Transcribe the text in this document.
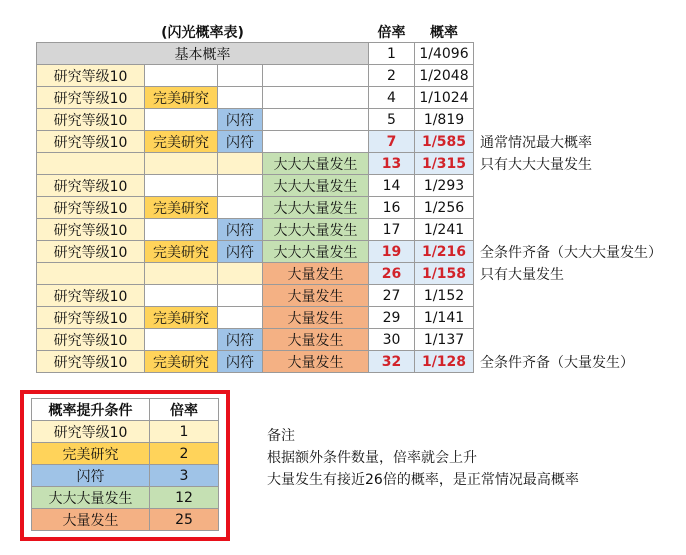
(闪光概率表)				倍率	概率	
基本概率				1	1/4096	
研究等级10				2	1/2048	
研究等级10	完美研究			4	1/1024	
研究等级10		闪符		5	1/819	
研究等级10	完美研究	闪符		7	1/585	通常情况最大概率
			大大大量发生	13	1/315	只有大大大量发生
研究等级10			大大大量发生	14	1/293	
研究等级10	完美研究		大大大量发生	16	1/256	
研究等级10		闪符	大大大量发生	17	1/241	
研究等级10	完美研究	闪符	大大大量发生	19	1/216	全条件齐备（大大大量发生）
			大量发生	26	1/158	只有大量发生
研究等级10			大量发生	27	1/152	
研究等级10	完美研究		大量发生	29	1/141	
研究等级10		闪符	大量发生	30	1/137	
研究等级10	完美研究	闪符	大量发生	32	1/128	全条件齐备（大量发生）
概率提升条件	倍率
研究等级10	1
完美研究	2
闪符	3
大大大量发生	12
大量发生	25
备注
根据额外条件数量，倍率就会上升
大量发生有接近26倍的概率，是正常情况最高概率
